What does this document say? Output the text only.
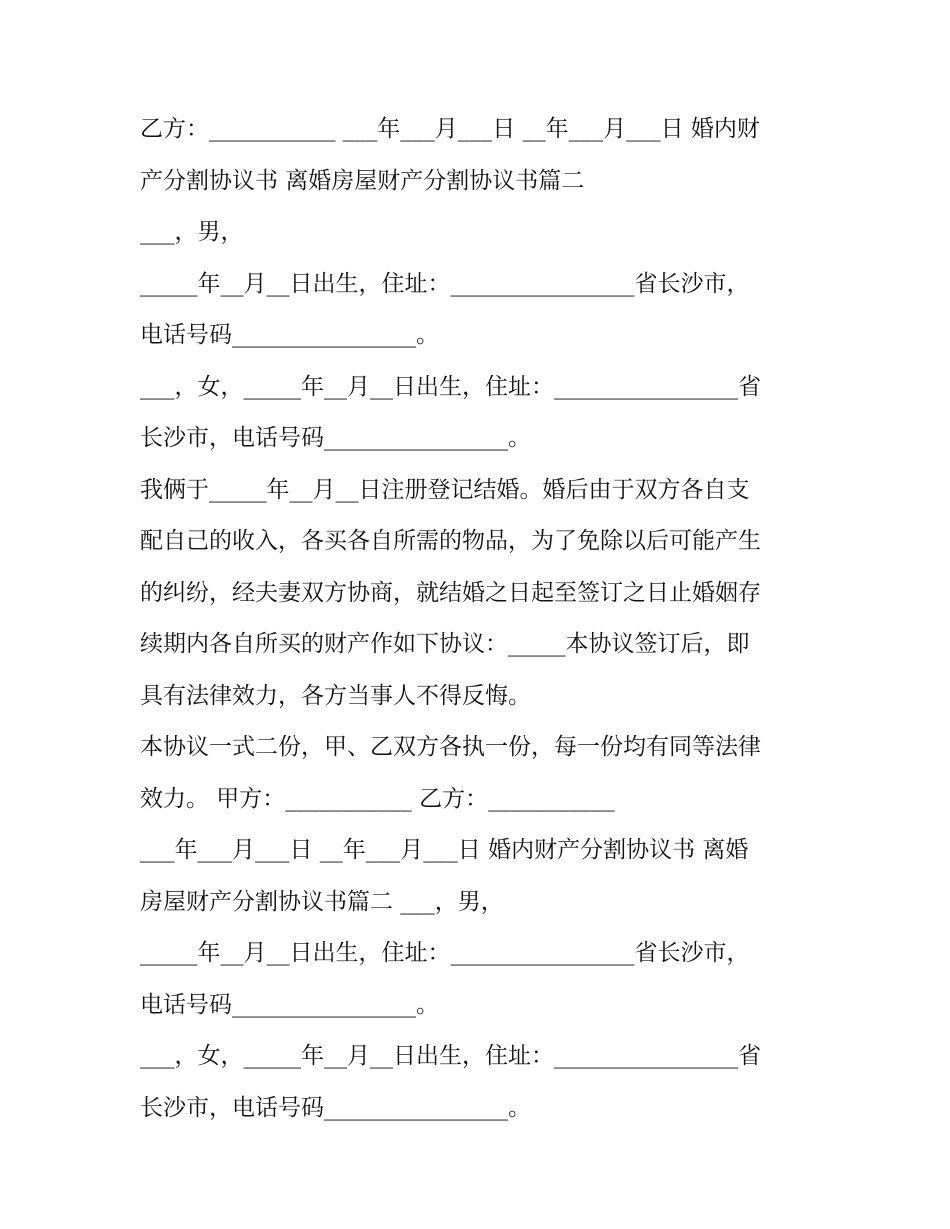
乙方：___________ ___年___月___日 __年___月___日 婚内财
产分割协议书 离婚房屋财产分割协议书篇二
___，男，
_____年__月__日出生，住址：________________省长沙市，
电话号码________________。
___，女，_____年__月__日出生，住址：________________省
长沙市，电话号码________________。
我俩于_____年__月__日注册登记结婚。婚后由于双方各自支
配自己的收入，各买各自所需的物品，为了免除以后可能产生
的纠纷，经夫妻双方协商，就结婚之日起至签订之日止婚姻存
续期内各自所买的财产作如下协议：_____本协议签订后，即
具有法律效力，各方当事人不得反悔。
本协议一式二份，甲、乙双方各执一份，每一份均有同等法律
效力。 甲方：___________ 乙方：___________
___年___月___日 __年___月___日 婚内财产分割协议书 离婚
房屋财产分割协议书篇二 ___，男，
_____年__月__日出生，住址：________________省长沙市，
电话号码________________。
___，女，_____年__月__日出生，住址：________________省
长沙市，电话号码________________。
